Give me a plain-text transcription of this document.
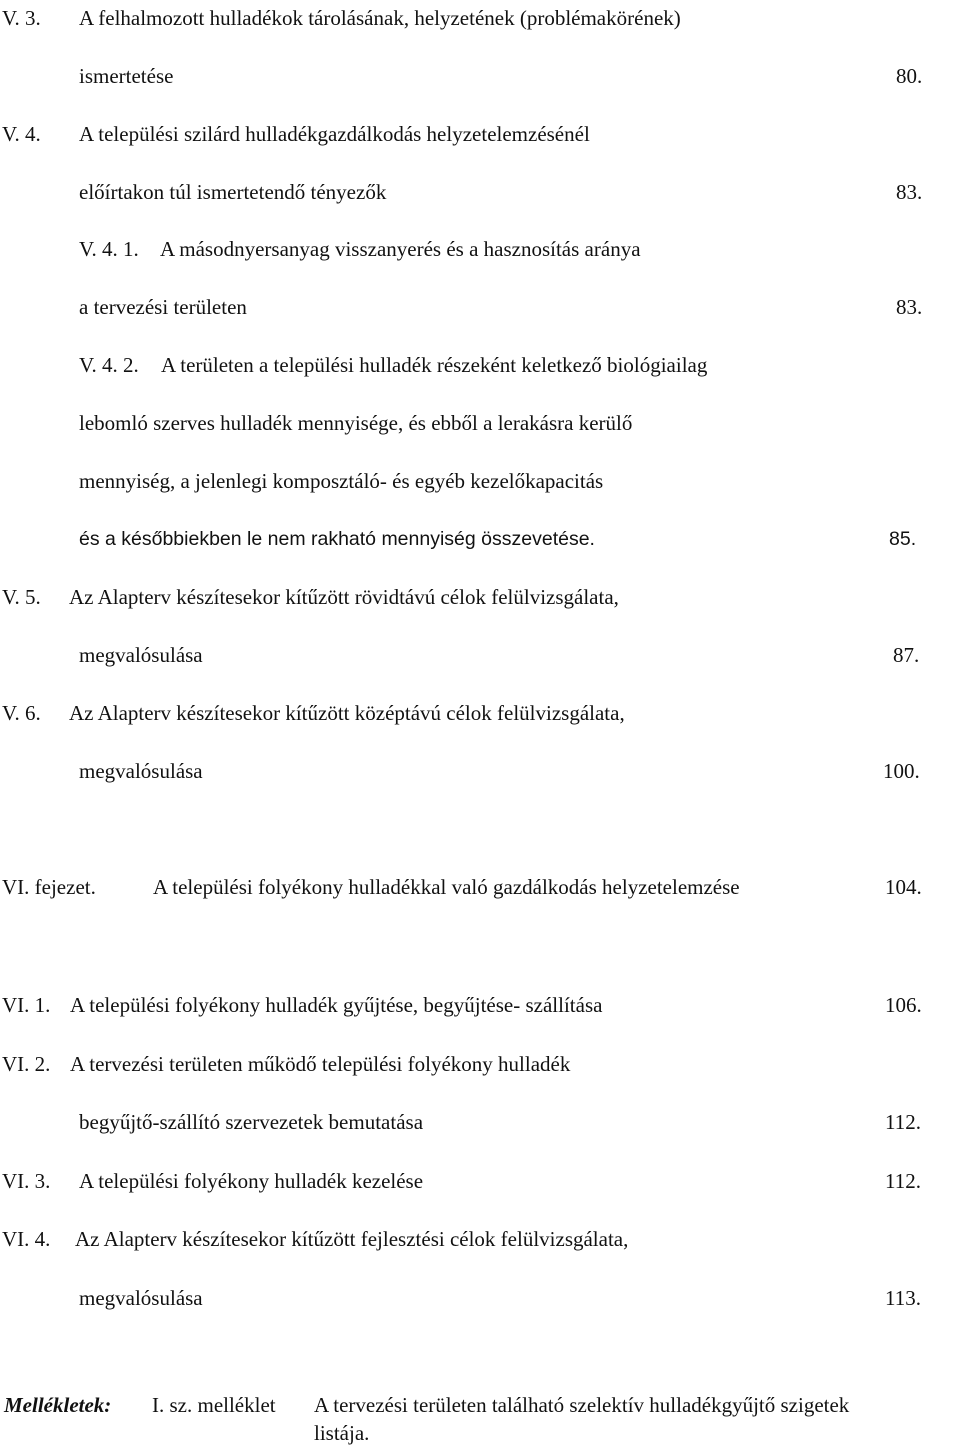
V. 3. A felhalmozott hulladékok tárolásának, helyzetének (problémakörének)

ismertetése	80.

V. 4. A települési szilárd hulladékgazdálkodás helyzetelemzésénél

előírtakon túl ismertetendő tényezők	83.

V. 4. 1. A másodnyersanyag visszanyerés és a hasznosítás aránya

a tervezési területen	83.

V. 4. 2. A területen a települési hulladék részeként keletkező biológiailag

lebomló szerves hulladék mennyisége, és ebből a lerakásra kerülő

mennyiség, a jelenlegi komposztáló- és egyéb kezelőkapacitás

és a későbbiekben le nem rakható mennyiség összevetése.	85.

V. 5. Az Alapterv készítesekor kítűzött rövidtávú célok felülvizsgálata,

megvalósulása	87.

V. 6. Az Alapterv készítesekor kítűzött középtávú célok felülvizsgálata,

megvalósulása	100.

VI. fejezet.	A települési folyékony hulladékkal való gazdálkodás helyzetelemzése	104.

VI. 1. A települési folyékony hulladék gyűjtése, begyűjtése- szállítása	106.

VI. 2. A tervezési területen működő települési folyékony hulladék

begyűjtő-szállító szervezetek bemutatása	112.

VI. 3. A települési folyékony hulladék kezelése	112.

VI. 4. Az Alapterv készítesekor kítűzött fejlesztési célok felülvizsgálata,

megvalósulása	113.

Mellékletek: I. sz. melléklet A tervezési területen található szelektív hulladékgyűjtő szigetek

listája.
